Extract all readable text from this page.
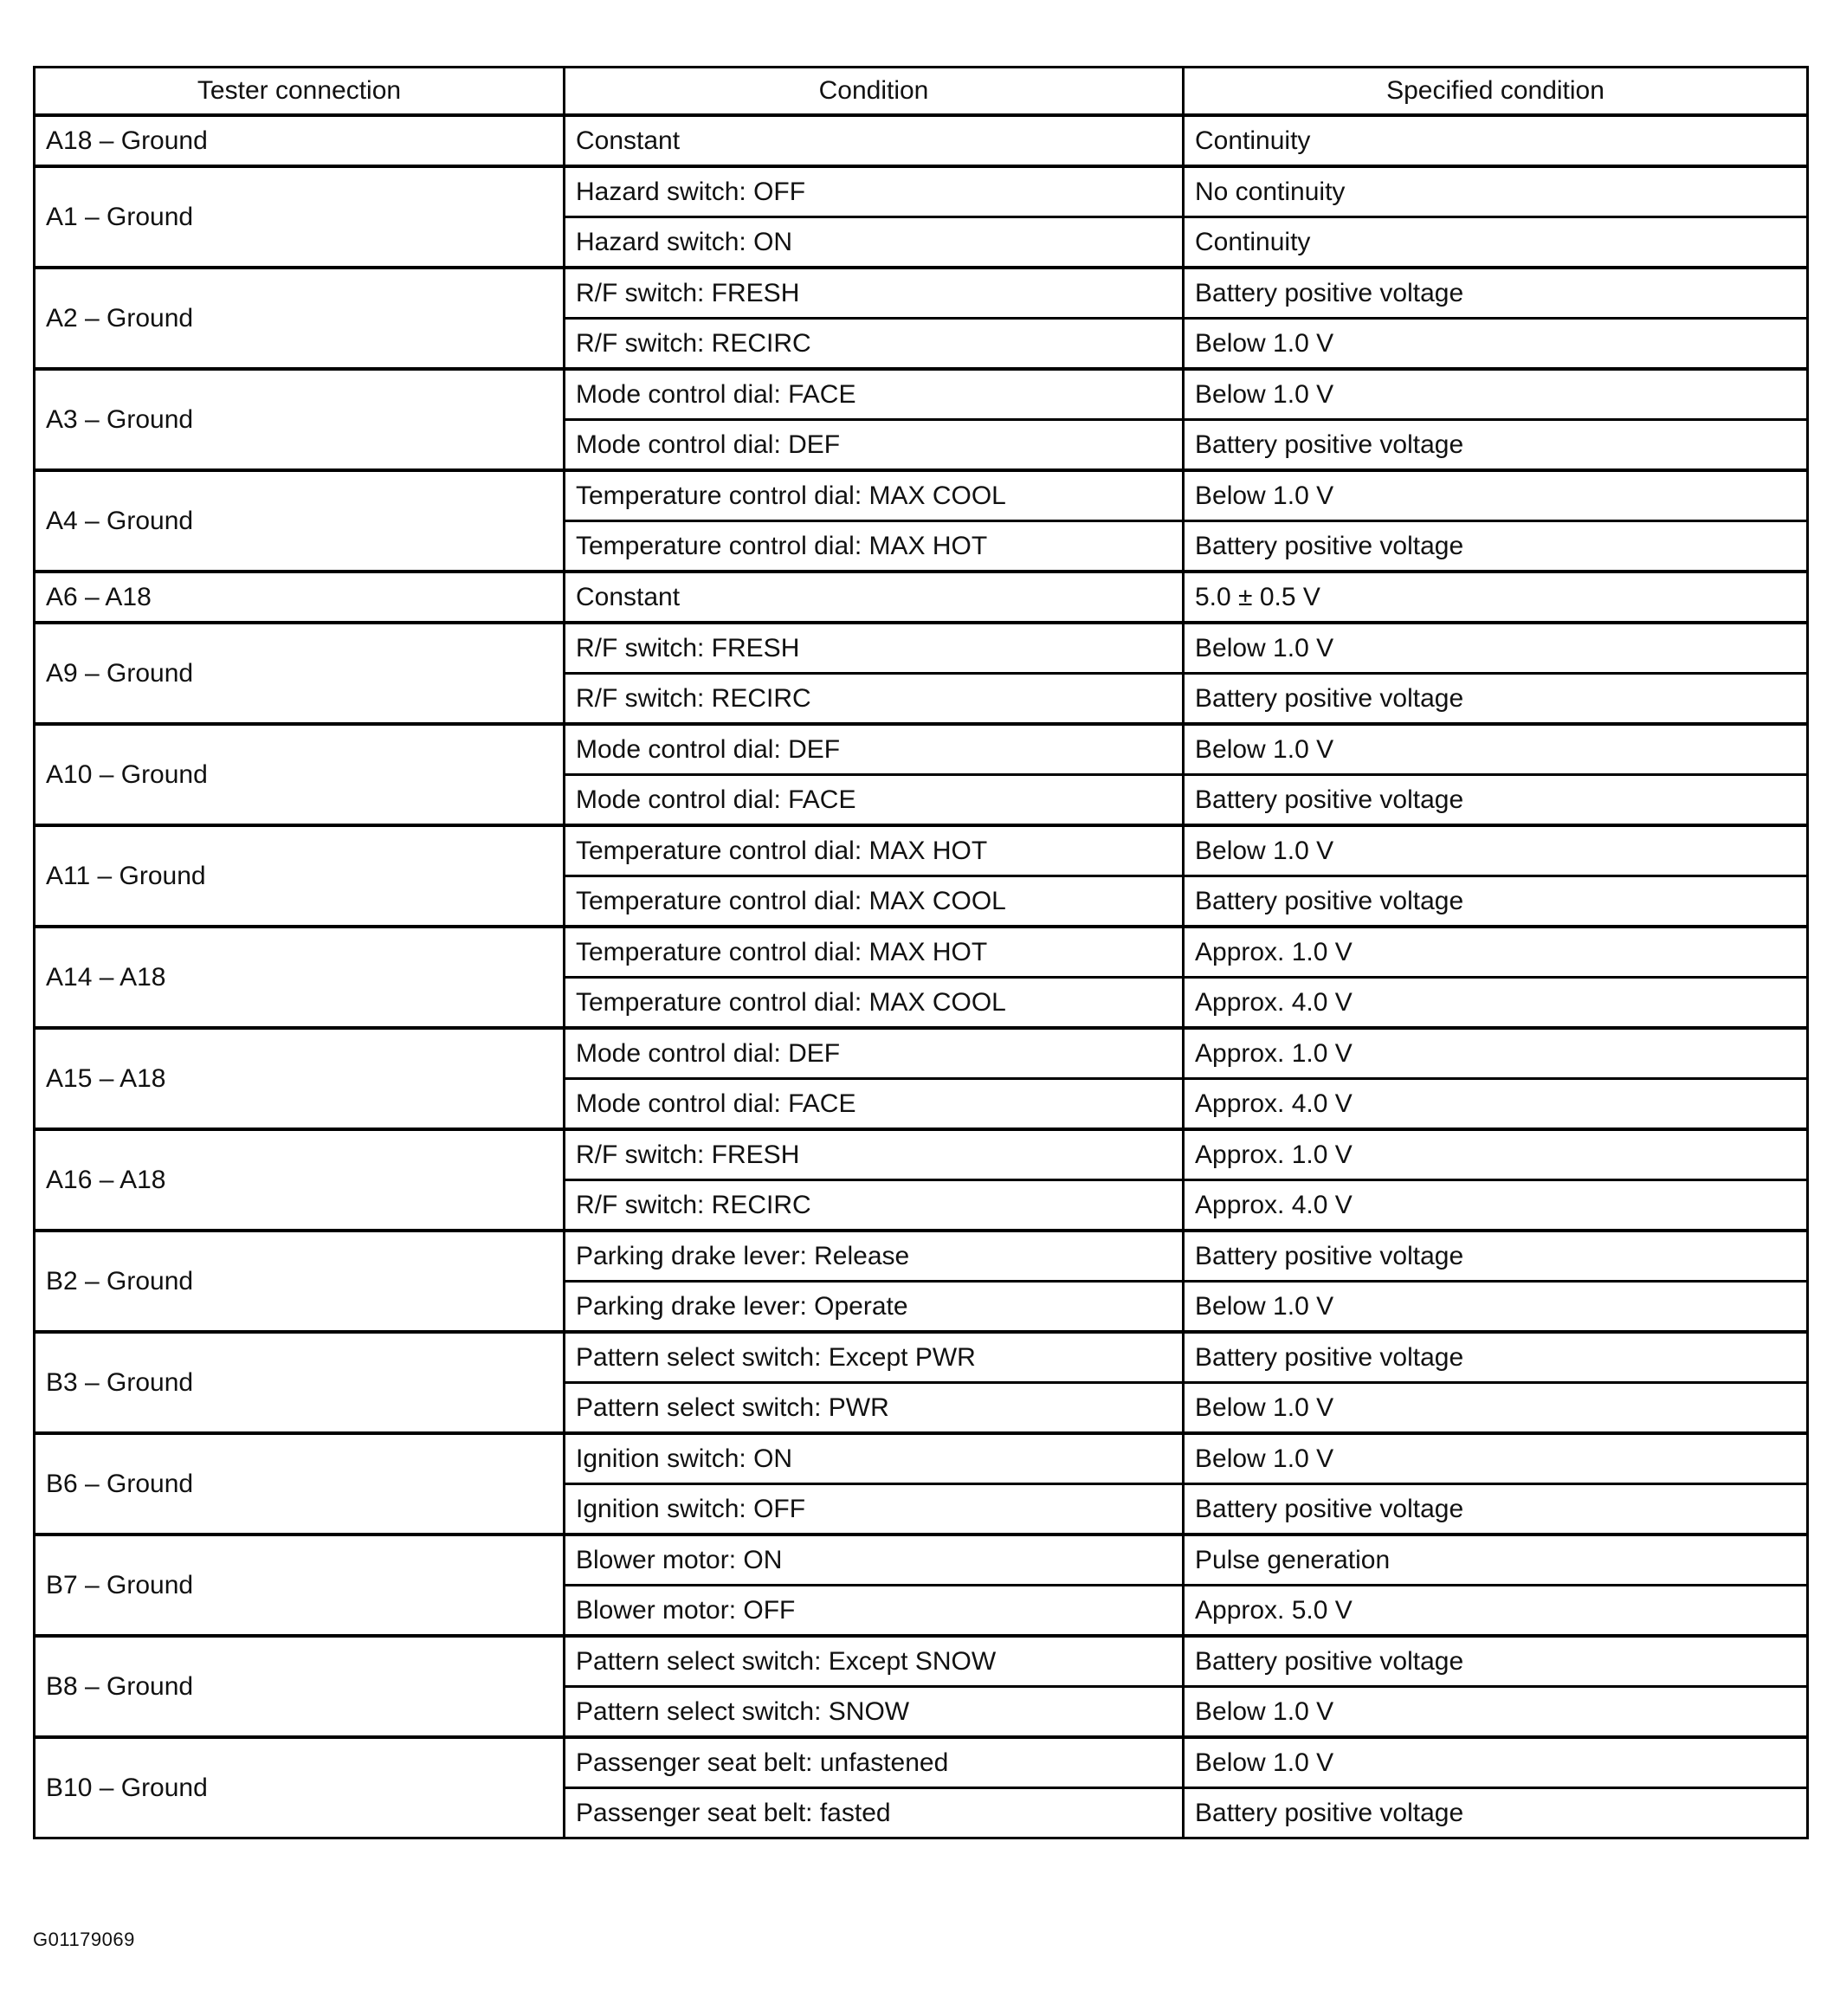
Tester connection	Condition	Specified condition
A18 – Ground	Constant	Continuity
A1 – Ground	Hazard switch: OFF	No continuity
	Hazard switch: ON	Continuity
A2 – Ground	R/F switch: FRESH	Battery positive voltage
	R/F switch: RECIRC	Below 1.0 V
A3 – Ground	Mode control dial: FACE	Below 1.0 V
	Mode control dial: DEF	Battery positive voltage
A4 – Ground	Temperature control dial: MAX COOL	Below 1.0 V
	Temperature control dial: MAX HOT	Battery positive voltage
A6 – A18	Constant	5.0 ± 0.5 V
A9 – Ground	R/F switch: FRESH	Below 1.0 V
	R/F switch: RECIRC	Battery positive voltage
A10 – Ground	Mode control dial: DEF	Below 1.0 V
	Mode control dial: FACE	Battery positive voltage
A11 – Ground	Temperature control dial: MAX HOT	Below 1.0 V
	Temperature control dial: MAX COOL	Battery positive voltage
A14 – A18	Temperature control dial: MAX HOT	Approx. 1.0 V
	Temperature control dial: MAX COOL	Approx. 4.0 V
A15 – A18	Mode control dial: DEF	Approx. 1.0 V
	Mode control dial: FACE	Approx. 4.0 V
A16 – A18	R/F switch: FRESH	Approx. 1.0 V
	R/F switch: RECIRC	Approx. 4.0 V
B2 – Ground	Parking drake lever: Release	Battery positive voltage
	Parking drake lever: Operate	Below 1.0 V
B3 – Ground	Pattern select switch: Except PWR	Battery positive voltage
	Pattern select switch: PWR	Below 1.0 V
B6 – Ground	Ignition switch: ON	Below 1.0 V
	Ignition switch: OFF	Battery positive voltage
B7 – Ground	Blower motor: ON	Pulse generation
	Blower motor: OFF	Approx. 5.0 V
B8 – Ground	Pattern select switch: Except SNOW	Battery positive voltage
	Pattern select switch: SNOW	Below 1.0 V
B10 – Ground	Passenger seat belt: unfastened	Below 1.0 V
	Passenger seat belt: fasted	Battery positive voltage
G01179069
